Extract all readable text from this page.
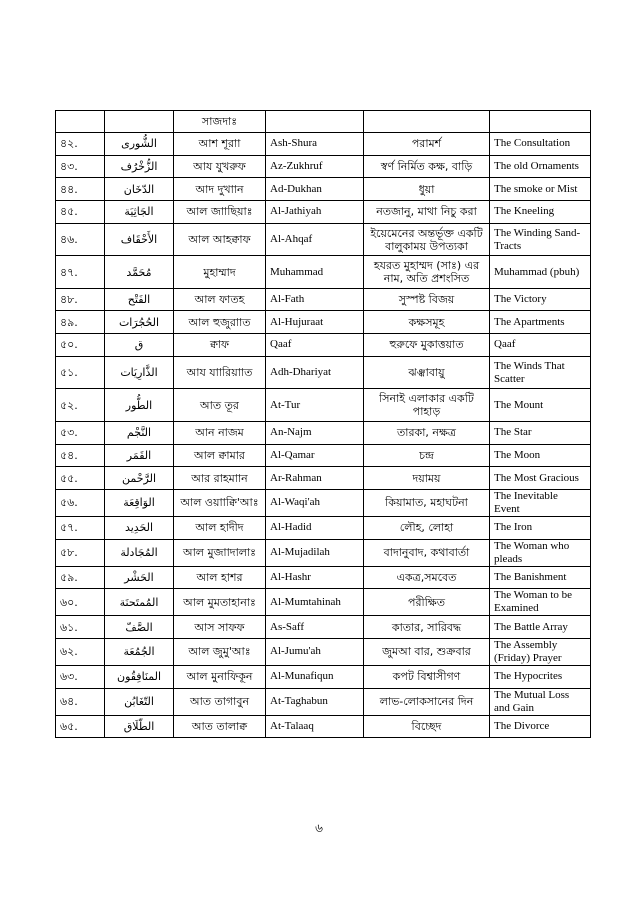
		সাজদাঃ			
৪২.	الشُّورى	আশ শূরাা	Ash-Shura	পরামর্শ	The Consultation
৪৩.	الزُّخْرُف	আয যুখরুফ	Az-Zukhruf	স্বর্ণ নির্মিত কক্ষ, বাড়ি	The old Ornaments
৪৪.	الدّخَان	আদ দুখাান	Ad-Dukhan	ধুয়া	The smoke or Mist
৪৫.	الجَاثِيَة	আল জাাছিয়াঃ	Al-Jathiyah	নতজানু, মাথা নিচু করা	The Kneeling
৪৬.	الأَحْقَاف	আল আহক্বাফ	Al-Ahqaf	ইয়েমেনের অন্তর্ভূক্ত একটি বালুকাময় উপত্যকা	The Winding Sand-Tracts
৪৭.	مُحَمَّد	মুহাম্মাদ	Muhammad	হযরত মুহাম্মদ (সাঃ) এর নাম, অতি প্রশংসিত	Muhammad (pbuh)
৪৮.	الفَتْح	আল ফাতহ	Al-Fath	সুস্পষ্ট বিজয়	The Victory
৪৯.	الحُجُرَات	আল হুজুরাাত	Al-Hujuraat	কক্ষসমূহ	The Apartments
৫০.	ق	ক্বাফ	Qaaf	হুরুফে মুকাত্তয়াত	Qaaf
৫১.	الذَّارِيَات	আয যাারিয়াাত	Adh-Dhariyat	ঝঞ্ঝাবায়ু	The Winds That Scatter
৫২.	الطُّور	আত তূর	At-Tur	সিনাই এলাকার একটি পাহাড়	The Mount
৫৩.	النَّجْم	আন নাজম	An-Najm	তারকা, নক্ষত্র	The Star
৫৪.	القَمَر	আল ক্বামার	Al-Qamar	চন্দ্র	The Moon
৫৫.	الرَّحْمن	আর রাহমাান	Ar-Rahman	দয়াময়	The Most Gracious
৫৬.	الوَاقِعَة	আল ওয়াাক্বি'আঃ	Al-Waqi'ah	কিয়ামাত, মহাঘটনা	The Inevitable Event
৫৭.	الحَدِيد	আল হাদীদ	Al-Hadid	লৌহ, লোহা	The Iron
৫৮.	المُجَادلة	আল মুজাাদালাঃ	Al-Mujadilah	বাদানুবাদ, কথাবার্তা	The Woman who pleads
৫৯.	الحَشْر	আল হাশর	Al-Hashr	একত্র,সমবেত	The Banishment
৬০.	المُمتَحنَة	আল মুমতাহানাঃ	Al-Mumtahinah	পরীক্ষিত	The Woman to be Examined
৬১.	الصَّفّ	আস সাফফ	As-Saff	কাতার, সারিবদ্ধ	The Battle Array
৬২.	الجُمُعَة	আল জুমু'আঃ	Al-Jumu'ah	জুমআ বার, শুক্রবার	The Assembly (Friday) Prayer
৬৩.	المنَافِقُون	আল মুনাফিকূন	Al-Munafiqun	কপট বিশ্বাসীগণ	The Hypocrites
৬৪.	التّغَابُن	আত তাগাবুন	At-Taghabun	লাভ-লোকসানের দিন	The Mutual Loss and Gain
৬৫.	الطّلَاق	আত তালাক্ব	At-Talaaq	বিচ্ছেদ	The Divorce
৬
